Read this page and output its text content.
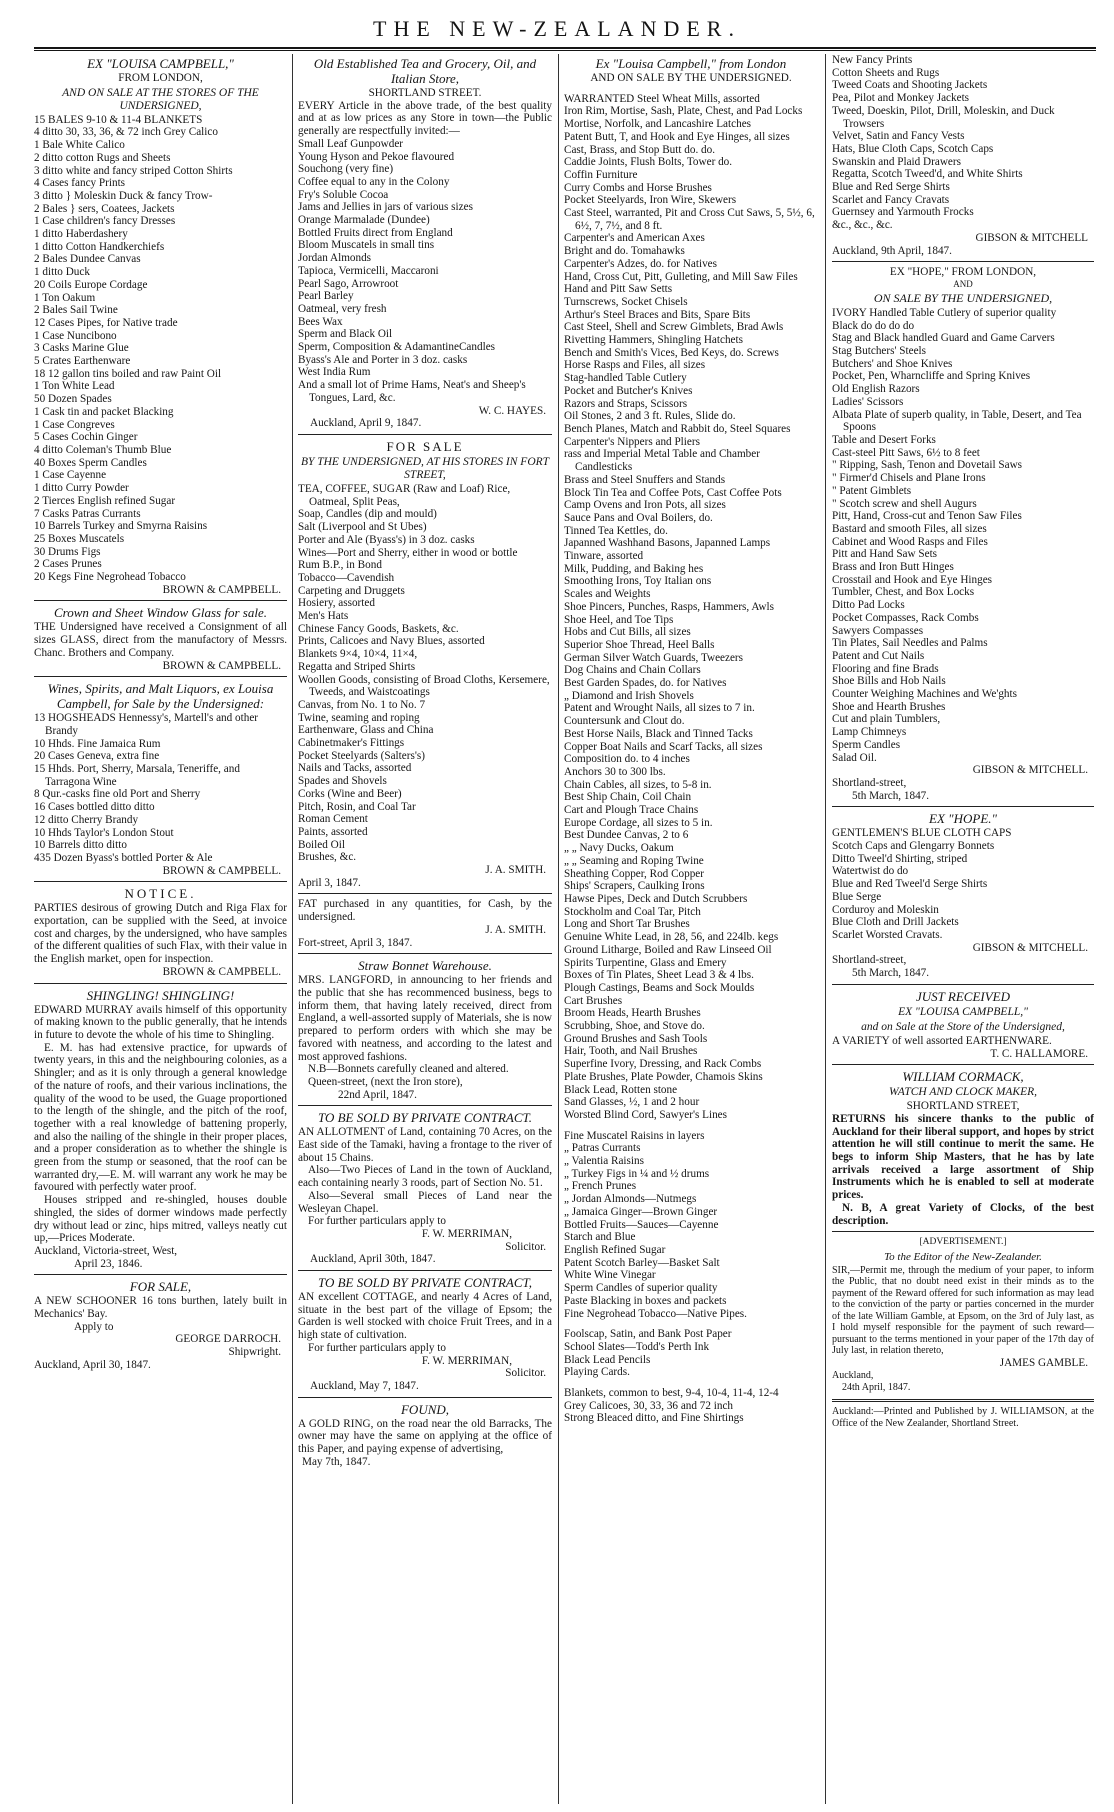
THE NEW-ZEALANDER.
EX "LOUISA CAMPBELL,"
FROM LONDON,
AND ON SALE AT THE STORES OF THE UNDERSIGNED,

15 BALES 9-10 & 11-4 BLANKETS

4 ditto 30, 33, 36, & 72 inch Grey Calico

1 Bale White Calico

2 ditto cotton Rugs and Sheets

3 ditto white and fancy striped Cotton Shirts

4 Cases fancy Prints

3 ditto } Moleskin Duck & fancy Trow-

2 Bales } sers, Coatees, Jackets

1 Case children's fancy Dresses

1 ditto Haberdashery

1 ditto Cotton Handkerchiefs

2 Bales Dundee Canvas

1 ditto Duck

20 Coils Europe Cordage

1 Ton Oakum

2 Bales Sail Twine

12 Cases Pipes, for Native trade

1 Case Nuncibono

3 Casks Marine Glue

5 Crates Earthenware

18 12 gallon tins boiled and raw Paint Oil

1 Ton White Lead

50 Dozen Spades

1 Cask tin and packet Blacking

1 Case Congreves

5 Cases Cochin Ginger

4 ditto Coleman's Thumb Blue

40 Boxes Sperm Candles

1 Case Cayenne

1 ditto Curry Powder

2 Tierces English refined Sugar

7 Casks Patras Currants

10 Barrels Turkey and Smyrna Raisins

25 Boxes Muscatels

30 Drums Figs

2 Cases Prunes

20 Kegs Fine Negrohead Tobacco

BROWN & CAMPBELL.

Crown and Sheet Window Glass for sale.

THE Undersigned have received a Consignment of all sizes GLASS, direct from the manufactory of Messrs. Chanc. Brothers and Company.

BROWN & CAMPBELL.

Wines, Spirits, and Malt Liquors, ex Louisa Campbell, for Sale by the Undersigned:

13 HOGSHEADS Hennessy's, Martell's and other Brandy

10 Hhds. Fine Jamaica Rum

20 Cases Geneva, extra fine

15 Hhds. Port, Sherry, Marsala, Teneriffe, and Tarragona Wine

8 Qur.-casks fine old Port and Sherry

16 Cases bottled ditto ditto

12 ditto Cherry Brandy

10 Hhds Taylor's London Stout

10 Barrels ditto ditto

435 Dozen Byass's bottled Porter & Ale

BROWN & CAMPBELL.

NOTICE.

PARTIES desirous of growing Dutch and Riga Flax for exportation, can be supplied with the Seed, at invoice cost and charges, by the undersigned, who have samples of the different qualities of such Flax, with their value in the English market, open for inspection.

BROWN & CAMPBELL.

SHINGLING! SHINGLING!

EDWARD MURRAY avails himself of this opportunity of making known to the public generally, that he intends in future to devote the whole of his time to Shingling.

E. M. has had extensive practice, for upwards of twenty years, in this and the neighbouring colonies, as a Shingler; and as it is only through a general knowledge of the nature of roofs, and their various inclinations, the quality of the wood to be used, the Guage proportioned to the length of the shingle, and the pitch of the roof, together with a real knowledge of battening properly, and also the nailing of the shingle in their proper places, and a proper consideration as to whether the shingle is green from the stump or seasoned, that the roof can be warranted dry,—E. M. will warrant any work he may be favoured with perfectly water proof.

Houses stripped and re-shingled, houses double shingled, the sides of dormer windows made perfectly dry without lead or zinc, hips mitred, valleys neatly cut up,—Prices Moderate.

Auckland, Victoria-street, West,

April 23, 1846.

FOR SALE,

A NEW SCHOONER 16 tons burthen, lately built in Mechanics' Bay.

Apply to

GEORGE DARROCH.

Shipwright.

Auckland, April 30, 1847.

Old Established Tea and Grocery, Oil, and Italian Store,
SHORTLAND STREET.

EVERY Article in the above trade, of the best quality and at as low prices as any Store in town—the Public generally are respectfully invited:—

Small Leaf Gunpowder

Young Hyson and Pekoe flavoured

Souchong (very fine)

Coffee equal to any in the Colony

Fry's Soluble Cocoa

Jams and Jellies in jars of various sizes

Orange Marmalade (Dundee)

Bottled Fruits direct from England

Bloom Muscatels in small tins

Jordan Almonds

Tapioca, Vermicelli, Maccaroni

Pearl Sago, Arrowroot

Pearl Barley

Oatmeal, very fresh

Bees Wax

Sperm and Black Oil

Sperm, Composition & AdamantineCandles

Byass's Ale and Porter in 3 doz. casks

West India Rum

And a small lot of Prime Hams, Neat's and Sheep's Tongues, Lard, &c.

W. C. HAYES.

Auckland, April 9, 1847.

FOR SALE
BY THE UNDERSIGNED, AT HIS STORES IN FORT STREET,

TEA, COFFEE, SUGAR (Raw and Loaf) Rice, Oatmeal, Split Peas,

Soap, Candles (dip and mould)

Salt (Liverpool and St Ubes)

Porter and Ale (Byass's) in 3 doz. casks

Wines—Port and Sherry, either in wood or bottle

Rum B.P., in Bond

Tobacco—Cavendish

Carpeting and Druggets

Hosiery, assorted

Men's Hats

Chinese Fancy Goods, Baskets, &c.

Prints, Calicoes and Navy Blues, assorted

Blankets 9×4, 10×4, 11×4,

Regatta and Striped Shirts

Woollen Goods, consisting of Broad Cloths, Kersemere, Tweeds, and Waistcoatings

Canvas, from No. 1 to No. 7

Twine, seaming and roping

Earthenware, Glass and China

Cabinetmaker's Fittings

Pocket Steelyards (Salters's)

Nails and Tacks, assorted

Spades and Shovels

Corks (Wine and Beer)

Pitch, Rosin, and Coal Tar

Roman Cement

Paints, assorted

Boiled Oil

Brushes, &c.

J. A. SMITH.

April 3, 1847.

FAT purchased in any quantities, for Cash, by the undersigned.

J. A. SMITH.

Fort-street, April 3, 1847.

Straw Bonnet Warehouse.

MRS. LANGFORD, in announcing to her friends and the public that she has recommenced business, begs to inform them, that having lately received, direct from England, a well-assorted supply of Materials, she is now prepared to perform orders with which she may be favored with neatness, and according to the latest and most approved fashions.

N.B—Bonnets carefully cleaned and altered.

Queen-street, (next the Iron store),

22nd April, 1847.

TO BE SOLD BY PRIVATE CONTRACT.

AN ALLOTMENT of Land, containing 70 Acres, on the East side of the Tamaki, having a frontage to the river of about 15 Chains.

Also—Two Pieces of Land in the town of Auckland, each containing nearly 3 roods, part of Section No. 51.

Also—Several small Pieces of Land near the Wesleyan Chapel.

For further particulars apply to

F. W. MERRIMAN,

Solicitor.

Auckland, April 30th, 1847.

TO BE SOLD BY PRIVATE CONTRACT,

AN excellent COTTAGE, and nearly 4 Acres of Land, situate in the best part of the village of Epsom; the Garden is well stocked with choice Fruit Trees, and in a high state of cultivation.

For further particulars apply to

F. W. MERRIMAN,

Solicitor.

Auckland, May 7, 1847.

FOUND,

A GOLD RING, on the road near the old Barracks, The owner may have the same on applying at the office of this Paper, and paying expense of advertising,

May 7th, 1847.

Ex "Louisa Campbell," from London
AND ON SALE BY THE UNDERSIGNED.

WARRANTED Steel Wheat Mills, assorted

Iron Rim, Mortise, Sash, Plate, Chest, and Pad Locks

Mortise, Norfolk, and Lancashire Latches

Patent Butt, T, and Hook and Eye Hinges, all sizes

Cast, Brass, and Stop Butt do. do.

Caddie Joints, Flush Bolts, Tower do.

Coffin Furniture

Curry Combs and Horse Brushes

Pocket Steelyards, Iron Wire, Skewers

Cast Steel, warranted, Pit and Cross Cut Saws, 5, 5½, 6, 6½, 7, 7½, and 8 ft.

Carpenter's and American Axes

Bright and do. Tomahawks

Carpenter's Adzes, do. for Natives

Hand, Cross Cut, Pitt, Gulleting, and Mill Saw Files

Hand and Pitt Saw Setts

Turnscrews, Socket Chisels

Arthur's Steel Braces and Bits, Spare Bits

Cast Steel, Shell and Screw Gimblets, Brad Awls

Rivetting Hammers, Shingling Hatchets

Bench and Smith's Vices, Bed Keys, do. Screws

Horse Rasps and Files, all sizes

Stag-handled Table Cutlery

Pocket and Butcher's Knives

Razors and Straps, Scissors

Oil Stones, 2 and 3 ft. Rules, Slide do.

Bench Planes, Match and Rabbit do, Steel Squares

Carpenter's Nippers and Pliers

rass and Imperial Metal Table and Chamber Candlesticks

Brass and Steel Snuffers and Stands

Block Tin Tea and Coffee Pots, Cast Coffee Pots

Camp Ovens and Iron Pots, all sizes

Sauce Pans and Oval Boilers, do.

Tinned Tea Kettles, do.

Japanned Washhand Basons, Japanned Lamps

Tinware, assorted

Milk, Pudding, and Baking hes

Smoothing Irons, Toy Italian ons

Scales and Weights

Shoe Pincers, Punches, Rasps, Hammers, Awls

Shoe Heel, and Toe Tips

Hobs and Cut Bills, all sizes

Superior Shoe Thread, Heel Balls

German Silver Watch Guards, Tweezers

Dog Chains and Chain Collars

Best Garden Spades, do. for Natives

„ Diamond and Irish Shovels

Patent and Wrought Nails, all sizes to 7 in.

Countersunk and Clout do.

Best Horse Nails, Black and Tinned Tacks

Copper Boat Nails and Scarf Tacks, all sizes

Composition do. to 4 inches

Anchors 30 to 300 lbs.

Chain Cables, all sizes, to 5-8 in.

Best Ship Chain, Coil Chain

Cart and Plough Trace Chains

Europe Cordage, all sizes to 5 in.

Best Dundee Canvas, 2 to 6

„ „ Navy Ducks, Oakum

„ „ Seaming and Roping Twine

Sheathing Copper, Rod Copper

Ships' Scrapers, Caulking Irons

Hawse Pipes, Deck and Dutch Scrubbers

Stockholm and Coal Tar, Pitch

Long and Short Tar Brushes

Genuine White Lead, in 28, 56, and 224lb. kegs

Ground Litharge, Boiled and Raw Linseed Oil

Spirits Turpentine, Glass and Emery

Boxes of Tin Plates, Sheet Lead 3 & 4 lbs.

Plough Castings, Beams and Sock Moulds

Cart Brushes

Broom Heads, Hearth Brushes

Scrubbing, Shoe, and Stove do.

Ground Brushes and Sash Tools

Hair, Tooth, and Nail Brushes

Superfine Ivory, Dressing, and Rack Combs

Plate Brushes, Plate Powder, Chamois Skins

Black Lead, Rotten stone

Sand Glasses, ½, 1 and 2 hour

Worsted Blind Cord, Sawyer's Lines

Fine Muscatel Raisins in layers

„ Patras Currants

„ Valentia Raisins

„ Turkey Figs in ¼ and ½ drums

„ French Prunes

„ Jordan Almonds—Nutmegs

„ Jamaica Ginger—Brown Ginger

Bottled Fruits—Sauces—Cayenne

Starch and Blue

English Refined Sugar

Patent Scotch Barley—Basket Salt

White Wine Vinegar

Sperm Candles of superior quality

Paste Blacking in boxes and packets

Fine Negrohead Tobacco—Native Pipes.

Foolscap, Satin, and Bank Post Paper

School Slates—Todd's Perth Ink

Black Lead Pencils

Playing Cards.

Blankets, common to best, 9-4, 10-4, 11-4, 12-4

Grey Calicoes, 30, 33, 36 and 72 inch

Strong Bleaced ditto, and Fine Shirtings

New Fancy Prints

Cotton Sheets and Rugs

Tweed Coats and Shooting Jackets

Pea, Pilot and Monkey Jackets

Tweed, Doeskin, Pilot, Drill, Moleskin, and Duck Trowsers

Velvet, Satin and Fancy Vests

Hats, Blue Cloth Caps, Scotch Caps

Swanskin and Plaid Drawers

Regatta, Scotch Tweed'd, and White Shirts

Blue and Red Serge Shirts

Scarlet and Fancy Cravats

Guernsey and Yarmouth Frocks

&c., &c., &c.

GIBSON & MITCHELL

Auckland, 9th April, 1847.

EX "HOPE," FROM LONDON,
AND
ON SALE BY THE UNDERSIGNED,

IVORY Handled Table Cutlery of superior quality

Black do do do do

Stag and Black handled Guard and Game Carvers

Stag Butchers' Steels

Butchers' and Shoe Knives

Pocket, Pen, Wharncliffe and Spring Knives

Old English Razors

Ladies' Scissors

Albata Plate of superb quality, in Table, Desert, and Tea Spoons

Table and Desert Forks

Cast-steel Pitt Saws, 6½ to 8 feet

" Ripping, Sash, Tenon and Dovetail Saws

" Firmer'd Chisels and Plane Irons

" Patent Gimblets

" Scotch screw and shell Augurs

Pitt, Hand, Cross-cut and Tenon Saw Files

Bastard and smooth Files, all sizes

Cabinet and Wood Rasps and Files

Pitt and Hand Saw Sets

Brass and Iron Butt Hinges

Crosstail and Hook and Eye Hinges

Tumbler, Chest, and Box Locks

Ditto Pad Locks

Pocket Compasses, Rack Combs

Sawyers Compasses

Tin Plates, Sail Needles and Palms

Patent and Cut Nails

Flooring and fine Brads

Shoe Bills and Hob Nails

Counter Weighing Machines and We'ghts

Shoe and Hearth Brushes

Cut and plain Tumblers,

Lamp Chimneys

Sperm Candles

Salad Oil.

GIBSON & MITCHELL.

Shortland-street,

5th March, 1847.

EX "HOPE."

GENTLEMEN'S BLUE CLOTH CAPS

Scotch Caps and Glengarry Bonnets

Ditto Tweel'd Shirting, striped

Watertwist do do

Blue and Red Tweel'd Serge Shirts

Blue Serge

Corduroy and Moleskin

Blue Cloth and Drill Jackets

Scarlet Worsted Cravats.

GIBSON & MITCHELL.

Shortland-street,

5th March, 1847.

JUST RECEIVED
EX "LOUISA CAMPBELL,"
and on Sale at the Store of the Undersigned,

A VARIETY of well assorted EARTHENWARE.

T. C. HALLAMORE.

WILLIAM CORMACK,
WATCH AND CLOCK MAKER,
SHORTLAND STREET,

RETURNS his sincere thanks to the public of Auckland for their liberal support, and hopes by strict attention he will still continue to merit the same. He begs to inform Ship Masters, that he has by late arrivals received a large assortment of Ship Instruments which he is enabled to sell at moderate prices.

N. B, A great Variety of Clocks, of the best description.

[ADVERTISEMENT.]
To the Editor of the New-Zealander.

SIR,—Permit me, through the medium of your paper, to inform the Public, that no doubt need exist in their minds as to the payment of the Reward offered for such information as may lead to the conviction of the party or parties concerned in the murder of the late William Gamble, at Epsom, on the 3rd of July last, as I hold myself responsible for the payment of such reward—pursuant to the terms mentioned in your paper of the 17th day of July last, in relation thereto,

JAMES GAMBLE.

Auckland,

24th April, 1847.

Auckland:—Printed and Published by J. WILLIAMSON, at the Office of the New Zealander, Shortland Street.
